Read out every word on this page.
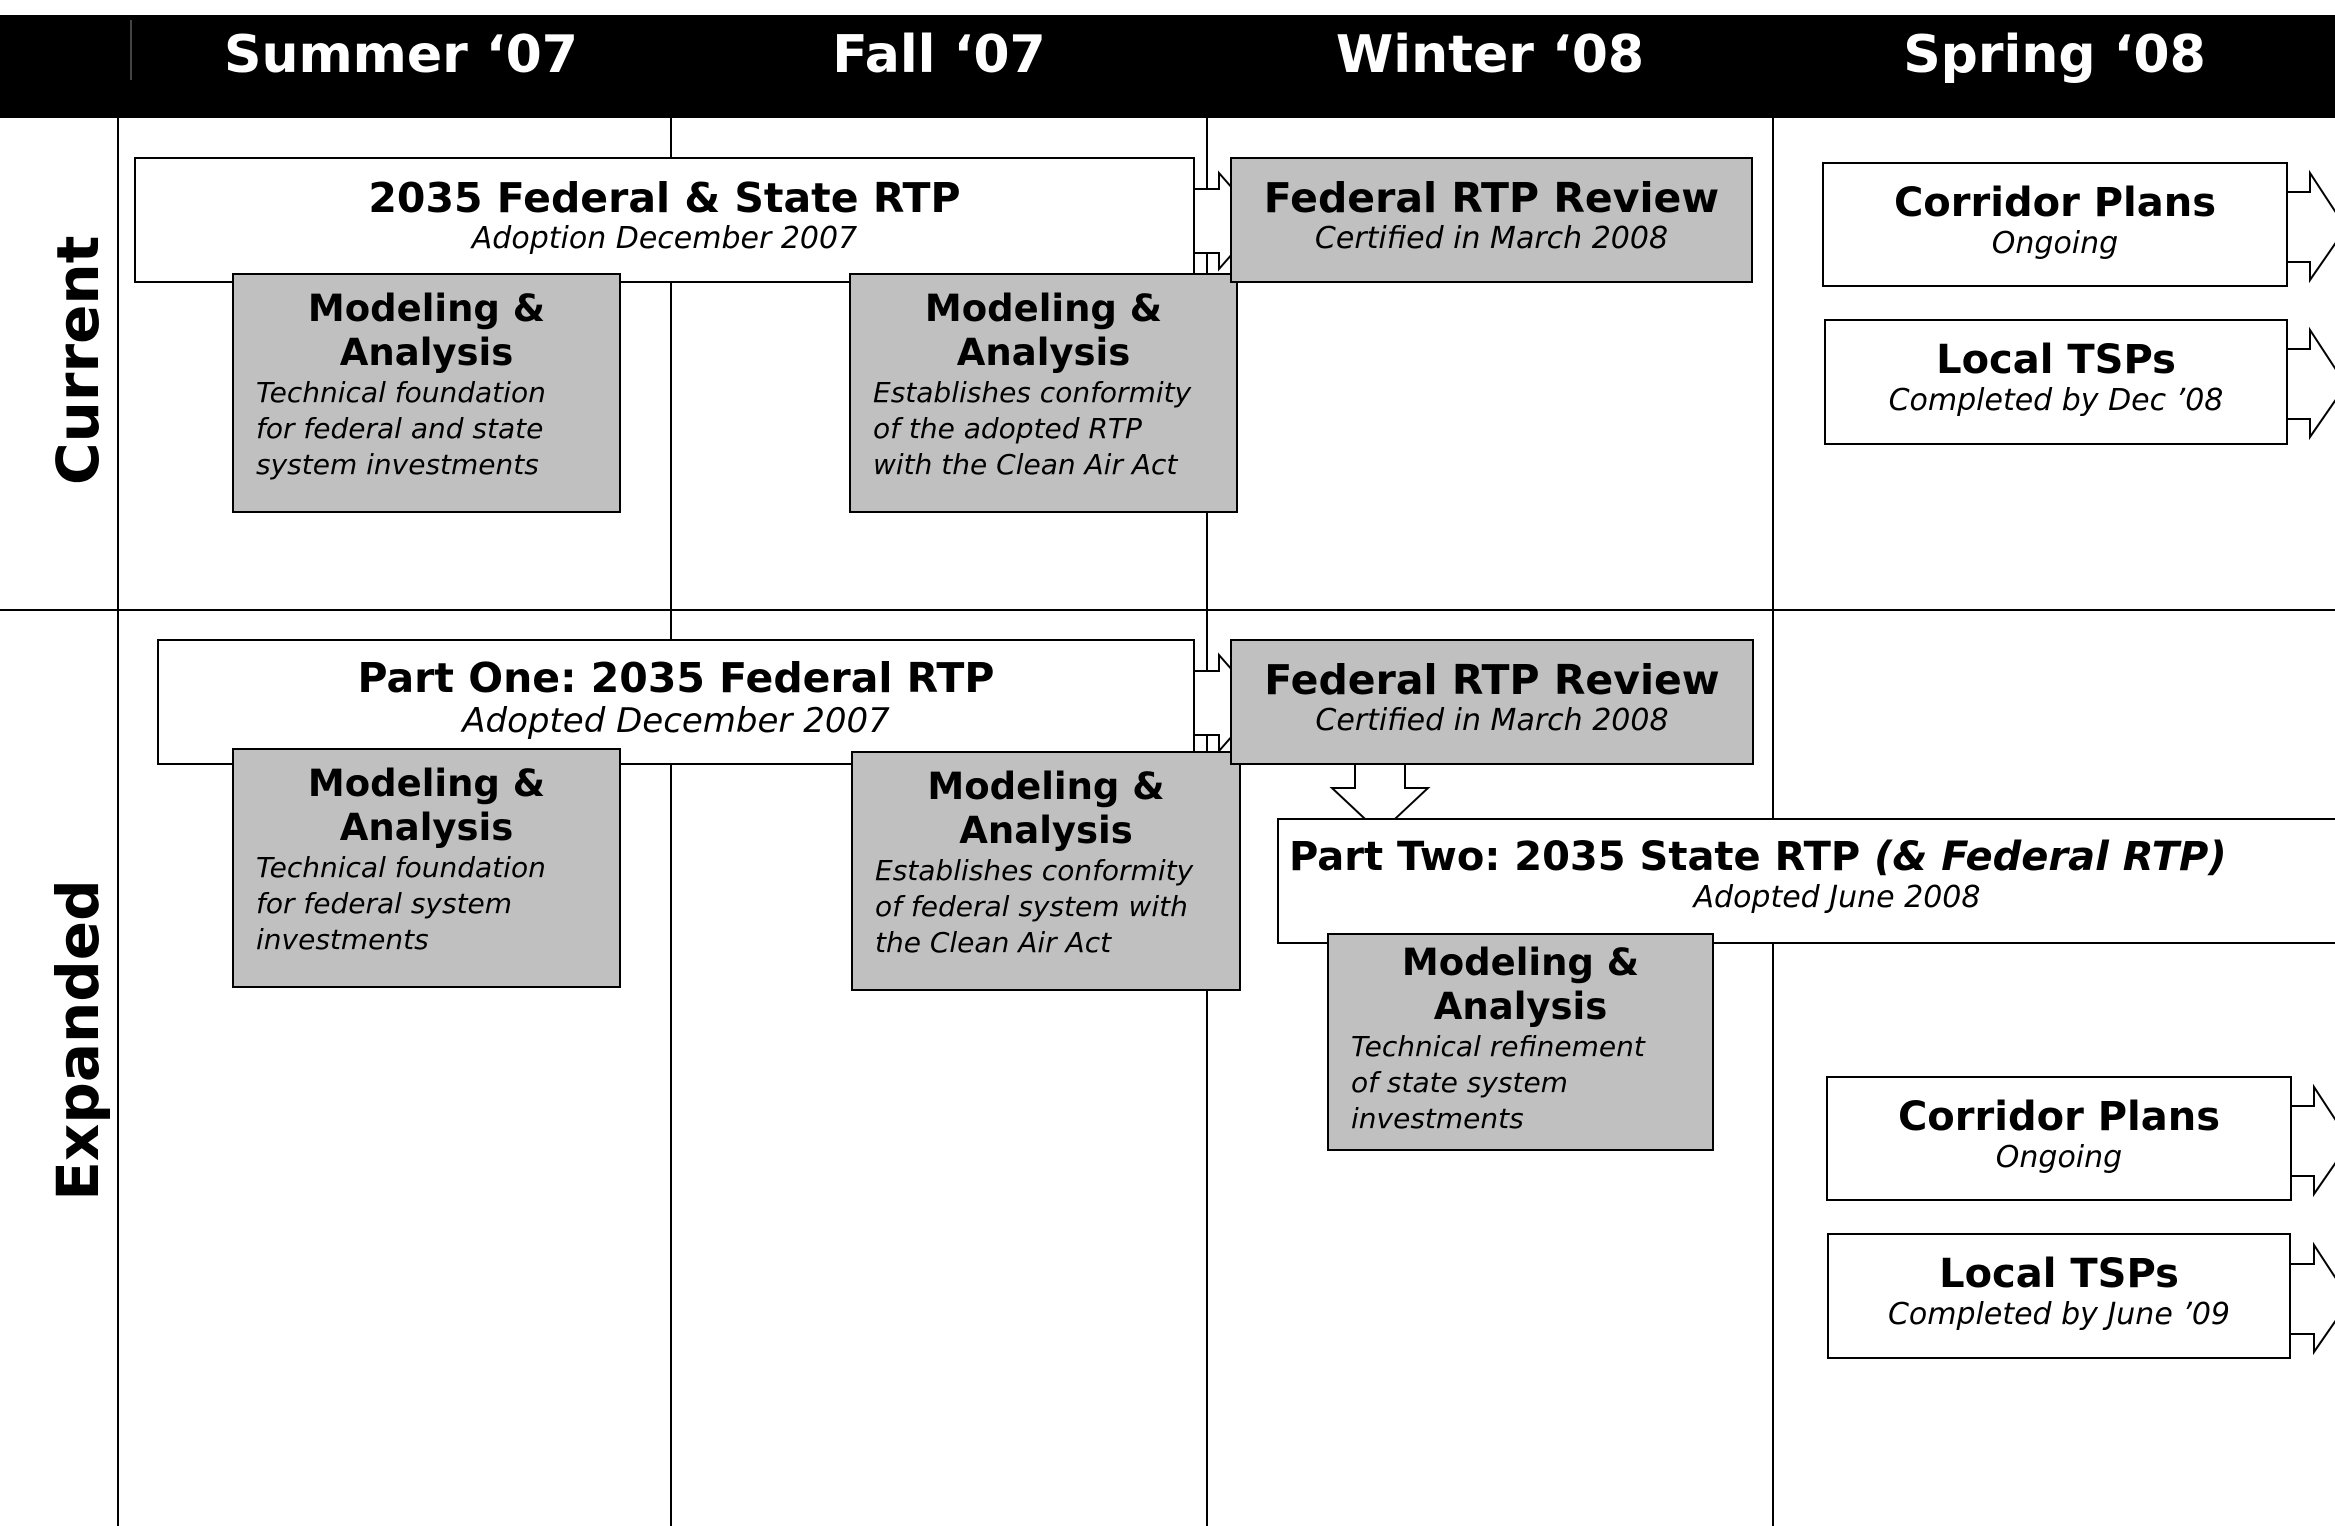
Summer ‘07	Fall ‘07	Winter ‘08	Spring ‘08
Current
Expanded
2035 Federal & State RTP
Adoption December 2007
Modeling &
Analysis
Technical foundation
for federal and state
system investments
Modeling &
Analysis
Establishes conformity
of the adopted RTP
with the Clean Air Act
Federal RTP Review
Certified in March 2008
Corridor Plans
Ongoing
Local TSPs
Completed by Dec ’08
Part One: 2035 Federal RTP
Adopted December 2007
Modeling &
Analysis
Technical foundation
for federal system
investments
Modeling &
Analysis
Establishes conformity
of federal system with
the Clean Air Act
Federal RTP Review
Certified in March 2008
Part Two: 2035 State RTP (& Federal RTP)
Adopted June 2008
Modeling &
Analysis
Technical refinement
of state system
investments	Corridor Plans
Ongoing
Local TSPs
Completed by June ’09
